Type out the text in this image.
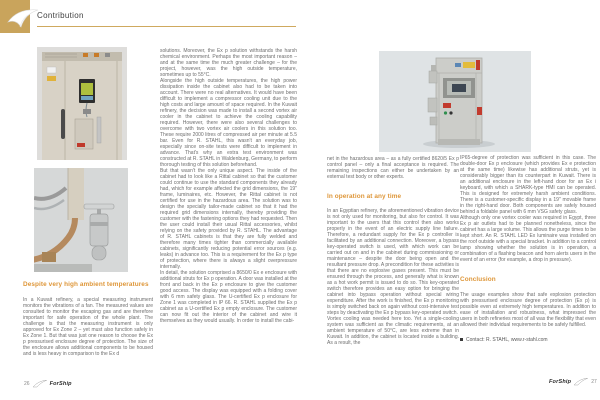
Contribution
Despite very high ambient temperatures

In a Kuwait refinery, a special measuring instrument monitors the vibrations of a fan. The measured values are consulted to monitor the escaping gas and are therefore important for safe operation of the whole plant. The challenge is that the measuring instrument is only approved for Ex Zone 2 – yet must also function safely in Ex Zone 1. But that was just one reason to choose the Ex p pressurised enclosure degree of protection. The size of the enclosure allows additional components to be housed and is less heavy in comparison to the Ex d

solutions. Moreover, the Ex p solution withstands the harsh chemical environment. Perhaps the most important reason – and at the same time the much greater challenge – for the project, however, was the high outside temperature, sometimes up to 55°C.

Alongside the high outside temperatures, the high power dissipation inside the cabinet also had to be taken into account. There were no real alternatives. It would have been difficult to implement a compressor cooling unit due to the high costs and large amount of space required. In the Kuwait refinery, the decision was made to install a second vortex air cooler in the cabinet to achieve the cooling capability required. However, there were also several challenges to overcome with two vortex air coolers in this solution too. These require 2000 litres of compressed air per minute at 5.5 bar. Even for R. STAHL, this wasn't an everyday job, especially since on-site tests were difficult to implement in advance. That's why an extra test environment was constructed at R. STAHL in Waldenburg, Germany, to perform thorough testing of this solution beforehand.

But that wasn't the only unique aspect. The inside of the cabinet had to look like a Rittal cabinet so that the customer could continue to use the standard components they already had, which for example affected the grid dimensions, the 19" frame, luminaires, etc. However, the Rittal cabinet is not certified for use in the hazardous area. The solution was to design the specially tailor-made cabinet so that it had the required grid dimensions internally, thereby providing the customer with the fastening options they had requested. Then the user could install their usual Rittal accessories, whilst relying on the safety provided by R. STAHL. The advantage of R. STAHL cabinets is that they are fully welded and therefore many times tighter than commercially available cabinets, significantly reducing potential error sources (e.g. leaks) in advance too. This is a requirement for the Ex p type of protection, where there is always a slight overpressure internally.

In detail, the solution comprised a 8650/0 Ex e enclosure with additional struts for Ex p operation. A door was installed at the front and back in the Ex p enclosure to give the customer good access. The display was equipped with a folding cover with 6 mm safety glass. The U-certified Ex p enclosure for Zone 1 was completed in IP 66. R. STAHL supplied the Ex p cabinet as a U-certified Ex p empty enclosure. The customer can now fit out the interior of the cabinet and wire it themselves as they would usually. In order to install the cabi-

net in the hazardous area – as a fully certified 8620/5 Ex p control panel – only a final acceptance is required. The remaining inspections can either be undertaken by an external test body or other experts.

In operation at any time

In an Egyptian refinery, the aforementioned vibration device is not only used for monitoring, but also for control. It was important to the users that this control then also works properly in the event of an electric supply line failure. Therefore, a redundant supply for the Ex p controller is facilitated by an additional connection. Moreover, a bypass key-operated switch is used, with which work can be carried out on and in the cabinet during commissioning or maintenance – despite the door being open and the resultant pressure drop. A precondition for these activities is that there are no explosive gases present. This must be ensured through the process, and generally what is known as a hot work permit is issued to do so. This key-operated switch therefore provides an easy option for bringing the cabinet into bypass operation without special wiring expenditure. After the work is finished, the Ex p monitoring is simply switched back on again without cost-intensive test steps by deactivating the Ex p bypass key-operated switch.

Vortex cooling was needed here too. Yet a single-cooling system was sufficient as the climatic requirements, at an ambient temperature of 50°C, are less extreme than in Kuwait. In addition, the cabinet is located inside a building. As a result, the

IP65-degree of protection was sufficient in this case. The double-door Ex p enclosure (which provides Ex e protection at the same time) likewise has additional struts, yet is considerably bigger than its counterpart in Kuwait. There is an additional enclosure in the left-hand door for an Ex i keyboard, with which a SHARK-type HMI can be operated. This is designed for extremely harsh ambient conditions. There is a customer-specific display in a 19" movable frame in the right-hand door. Both components are safely housed behind a foldable panel with 6 mm VSG safety glass.

Although only one vortex cooler was required in Egypt, three Ex p air outlets had to be planned nonetheless, since the cabinet has a large volume. This allows the purge times to be kept short. An R. STAHL LED Ex luminaire was installed on the roof outside with a special bracket. In addition to a control lamp showing whether the solution is in operation, a combination of a flashing beacon and horn alerts users in the event of an error (for example, a drop in pressure).

Conclusion

The usage examples show that safe explosion protection with pressurised enclosure degree of protection (Ex p) is possible even at extremely high temperatures. In addition to ease of installation and robustness, what impressed the users in both refineries most of all was the flexibility that even allowed their individual requirements to be safely fulfilled.

Contact: R. STAHL, www.r-stahl.com
26	ForShip	ForShip	27
